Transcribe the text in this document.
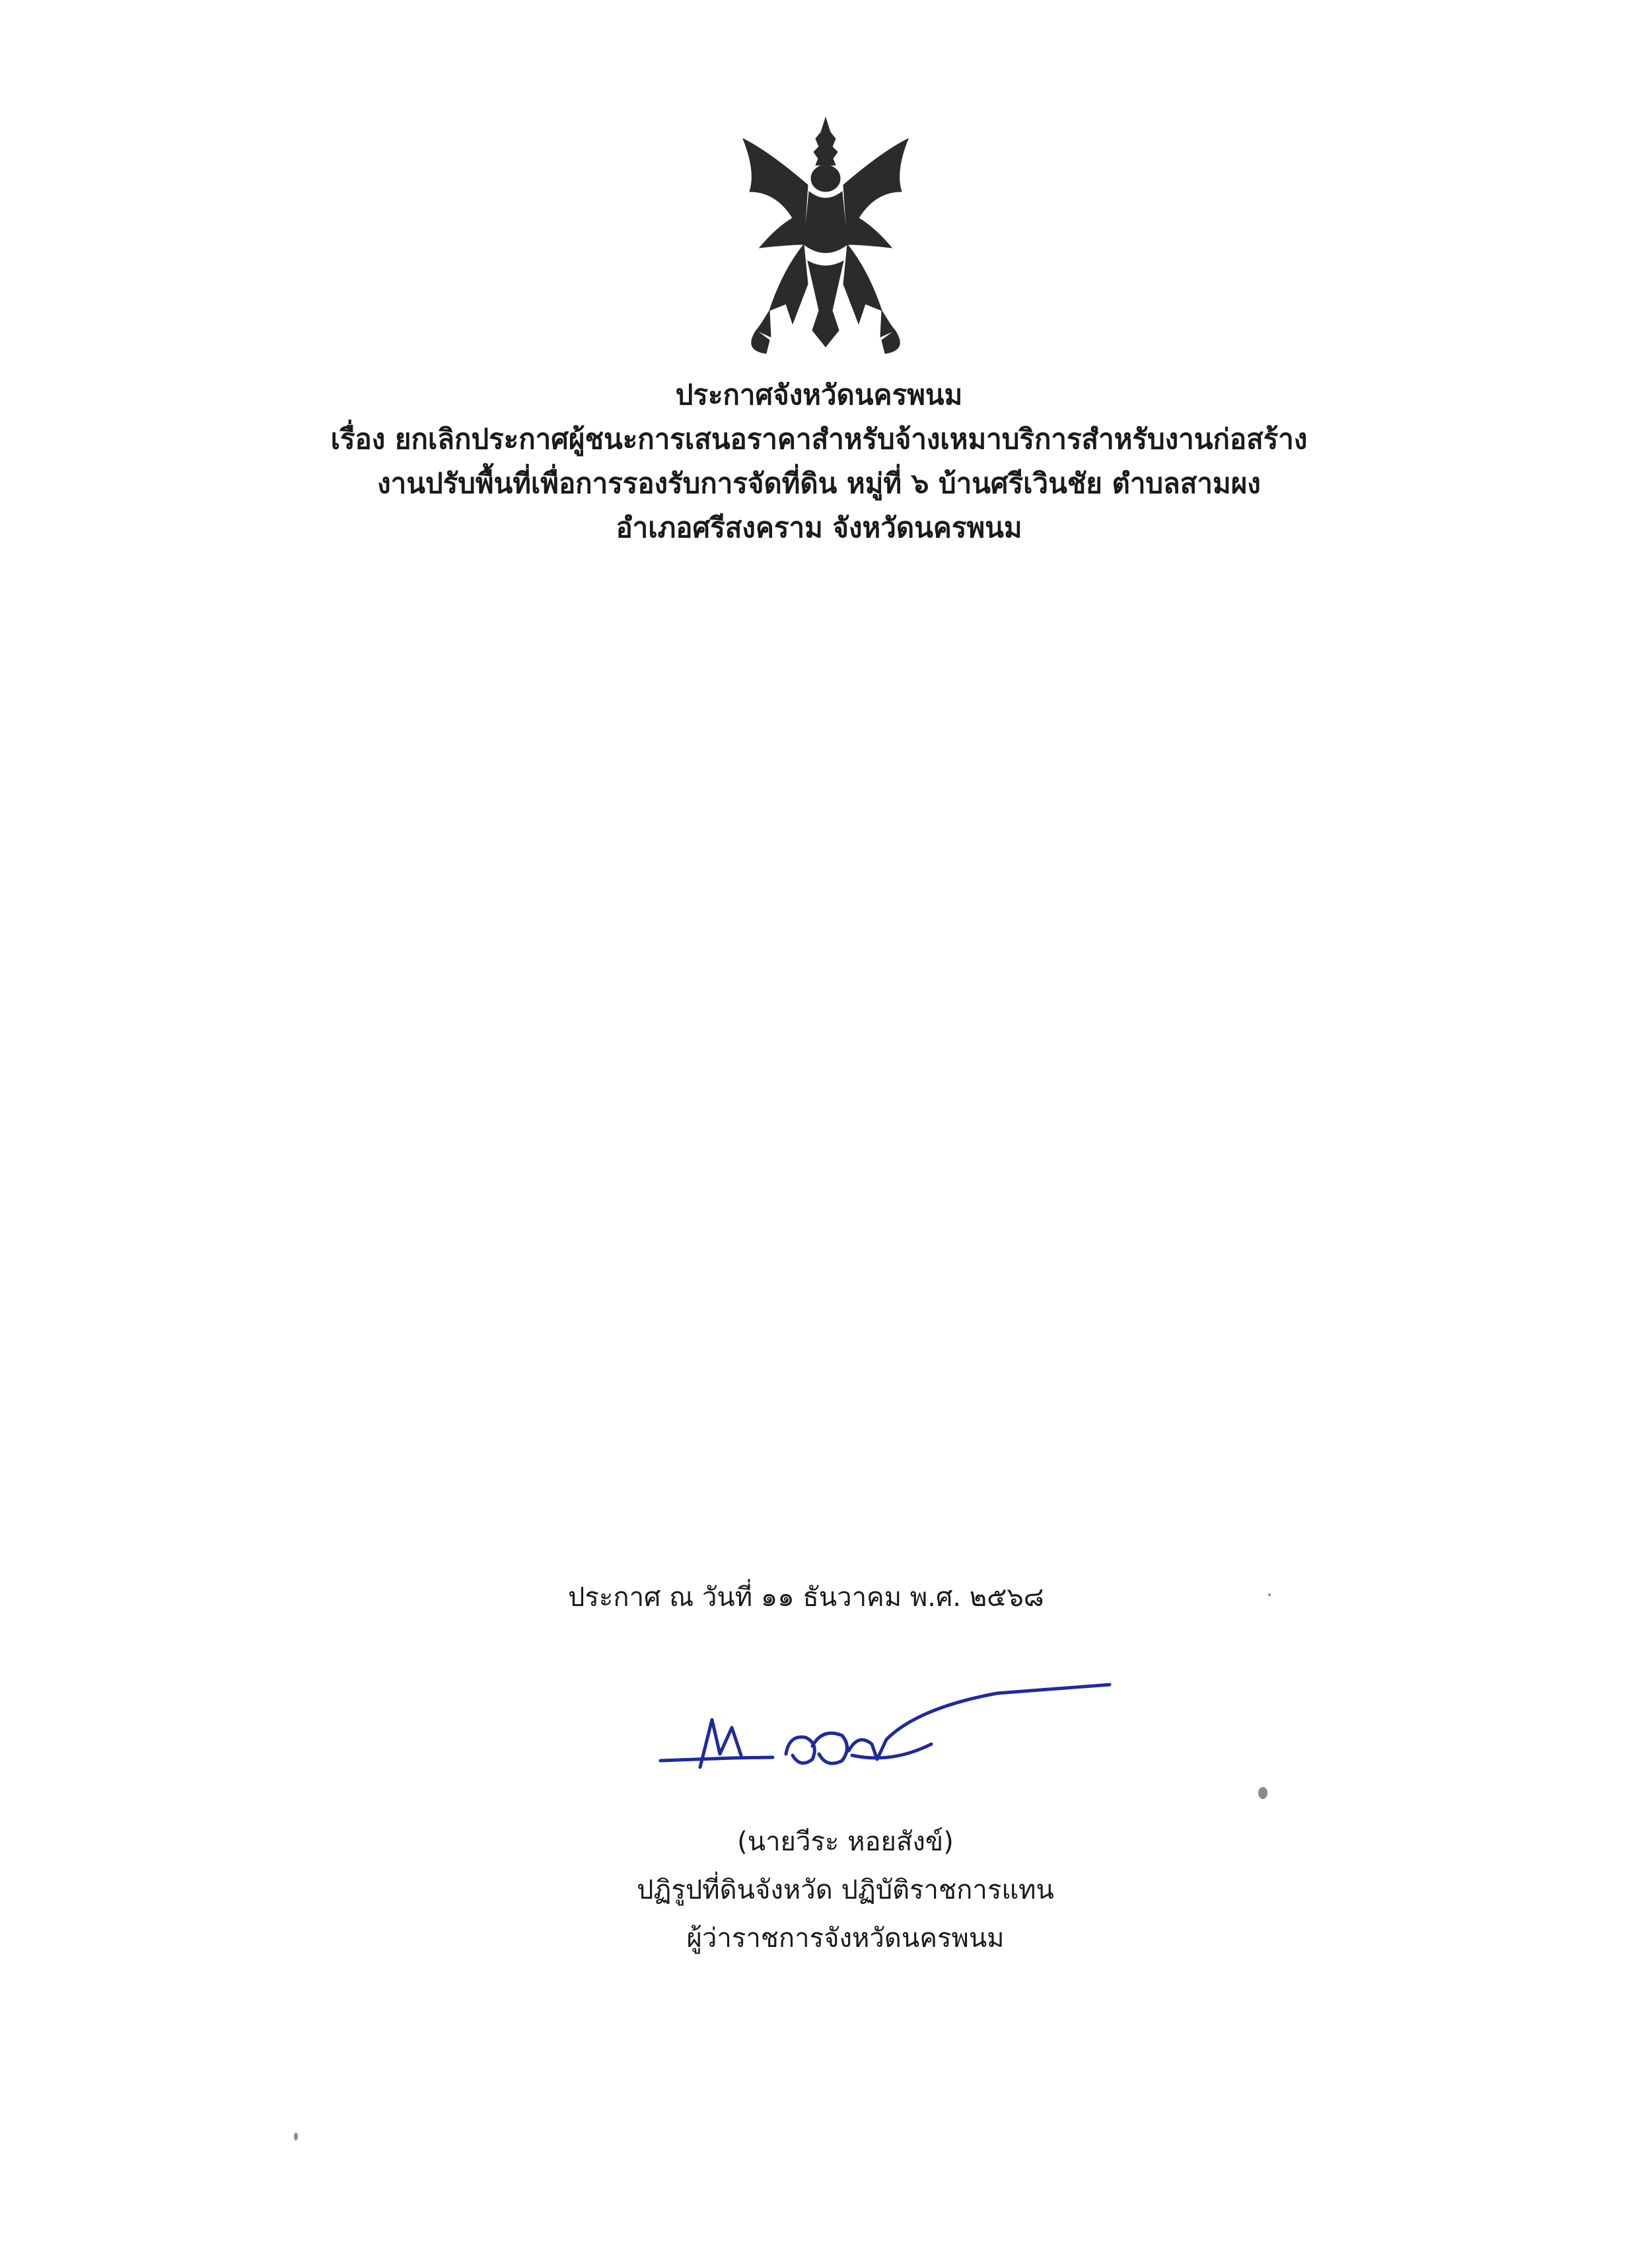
ประกาศจังหวัดนครพนม
เรื่อง ยกเลิกประกาศผู้ชนะการเสนอราคาสำหรับจ้างเหมาบริการสำหรับงานก่อสร้าง
งานปรับพื้นที่เพื่อการรองรับการจัดที่ดิน หมู่ที่ ๖ บ้านศรีเวินชัย ตำบลสามผง
อำเภอศรีสงคราม จังหวัดนครพนม
ประกาศ ณ วันที่ ๑๑ ธันวาคม พ.ศ. ๒๕๖๘
(นายวีระ หอยสังข์)
ปฏิรูปที่ดินจังหวัด ปฏิบัติราชการแทน
ผู้ว่าราชการจังหวัดนครพนม
